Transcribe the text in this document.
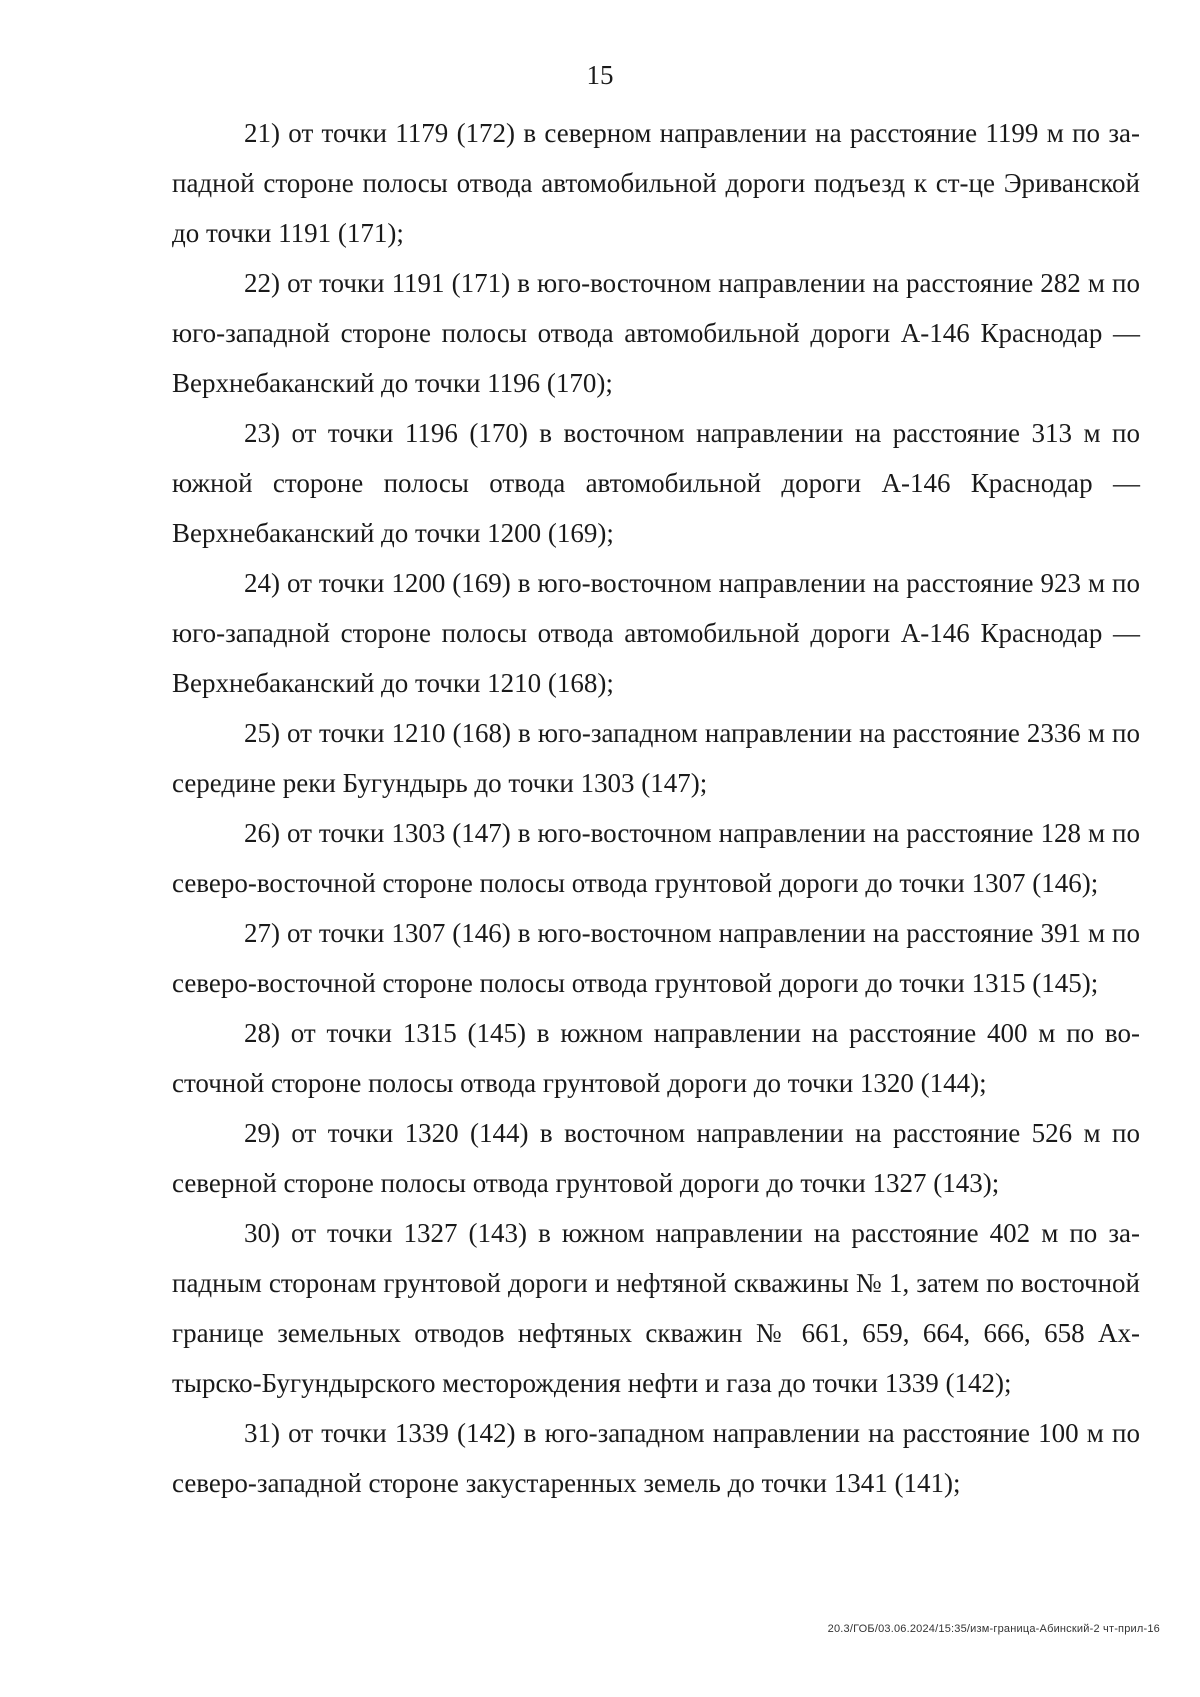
15

21) от точки 1179 (172) в северном направлении на расстояние 1199 м по западной стороне полосы отвода автомобильной дороги подъезд к ст-це Эриванской до точки 1191 (171);

22) от точки 1191 (171) в юго-восточном направлении на расстояние 282 м по юго-западной стороне полосы отвода автомобильной дороги А-146 Краснодар — Верхнебаканский до точки 1196 (170);

23) от точки 1196 (170) в восточном направлении на расстояние 313 м по южной стороне полосы отвода автомобильной дороги А-146 Краснодар — Верхнебаканский до точки 1200 (169);

24) от точки 1200 (169) в юго-восточном направлении на расстояние 923 м по юго-западной стороне полосы отвода автомобильной дороги А-146 Краснодар — Верхнебаканский до точки 1210 (168);

25) от точки 1210 (168) в юго-западном направлении на расстояние 2336 м по середине реки Бугундырь до точки 1303 (147);

26) от точки 1303 (147) в юго-восточном направлении на расстояние 128 м по северо-восточной стороне полосы отвода грунтовой дороги до точки 1307 (146);

27) от точки 1307 (146) в юго-восточном направлении на расстояние 391 м по северо-восточной стороне полосы отвода грунтовой дороги до точки 1315 (145);

28) от точки 1315 (145) в южном направлении на расстояние 400 м по восточной стороне полосы отвода грунтовой дороги до точки 1320 (144);

29) от точки 1320 (144) в восточном направлении на расстояние 526 м по северной стороне полосы отвода грунтовой дороги до точки 1327 (143);

30) от точки 1327 (143) в южном направлении на расстояние 402 м по западным сторонам грунтовой дороги и нефтяной скважины № 1, затем по восточной границе земельных отводов нефтяных скважин № 661, 659, 664, 666, 658 Ахтырско-Бугундырского месторождения нефти и газа до точки 1339 (142);

31) от точки 1339 (142) в юго-западном направлении на расстояние 100 м по северо-западной стороне закустаренных земель до точки 1341 (141);

20.3/ГОБ/03.06.2024/15:35/изм-граница-Абинский-2 чт-прил-16
